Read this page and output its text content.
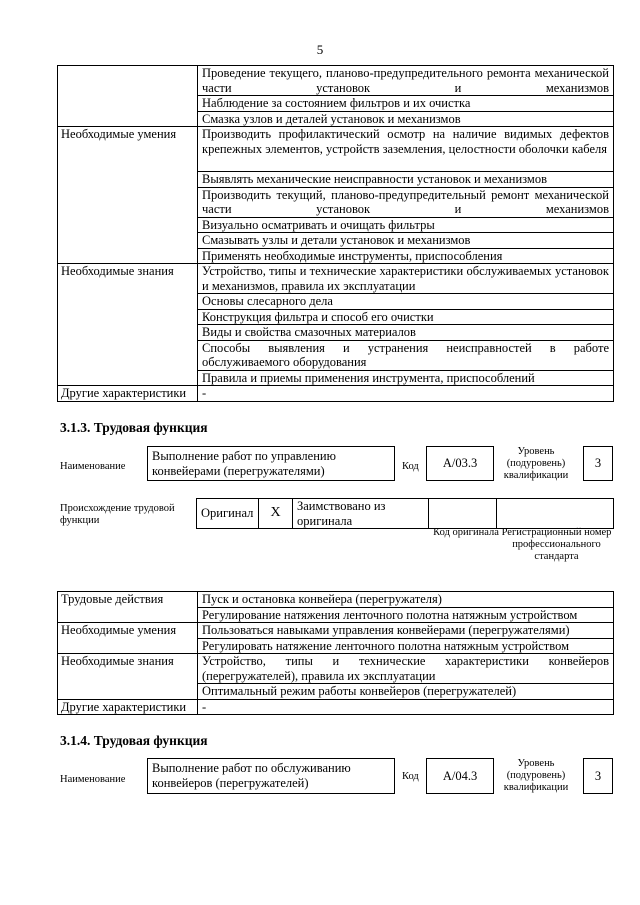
5
	Проведение текущего, планово-предупредительного ремонта механической части установок и механизмов
	Наблюдение за состоянием фильтров и их очистка
	Смазка узлов и деталей установок и механизмов
Необходимые умения	Производить профилактический осмотр на наличие видимых дефектов крепежных элементов, устройств заземления, целостности оболочки кабеля
	Выявлять механические неисправности установок и механизмов
	Производить текущий, планово-предупредительный ремонт механической части установок и механизмов
	Визуально осматривать и очищать фильтры
	Смазывать узлы и детали установок и механизмов
	Применять необходимые инструменты, приспособления
Необходимые знания	Устройство, типы и технические характеристики обслуживаемых установок и механизмов, правила их эксплуатации
	Основы слесарного дела
	Конструкция фильтра и способ его очистки
	Виды и свойства смазочных материалов
	Способы выявления и устранения неисправностей в работе обслуживаемого оборудования
	Правила и приемы применения инструмента, приспособлений
Другие характеристики	-
3.1.3. Трудовая функция
Наименование
Выполнение работ по управлению конвейерами (перегружателями)	Код	A/03.3
Уровень (подуровень) квалификации
3
Происхождение трудовой функции
Оригинал	X	Заимствовано из оригинала		
Код оригинала Регистрационный номер профессионального стандарта
Трудовые действия	Пуск и остановка конвейера (перегружателя)
	Регулирование натяжения ленточного полотна натяжным устройством
Необходимые умения	Пользоваться навыками управления конвейерами (перегружателями)
	Регулировать натяжение ленточного полотна натяжным устройством
Необходимые знания	Устройство, типы и технические характеристики конвейеров (перегружателей), правила их эксплуатации
	Оптимальный режим работы конвейеров (перегружателей)
Другие характеристики	-
3.1.4. Трудовая функция
Наименование
Выполнение работ по обслуживанию конвейеров (перегружателей)	Код	A/04.3
Уровень (подуровень) квалификации
3
